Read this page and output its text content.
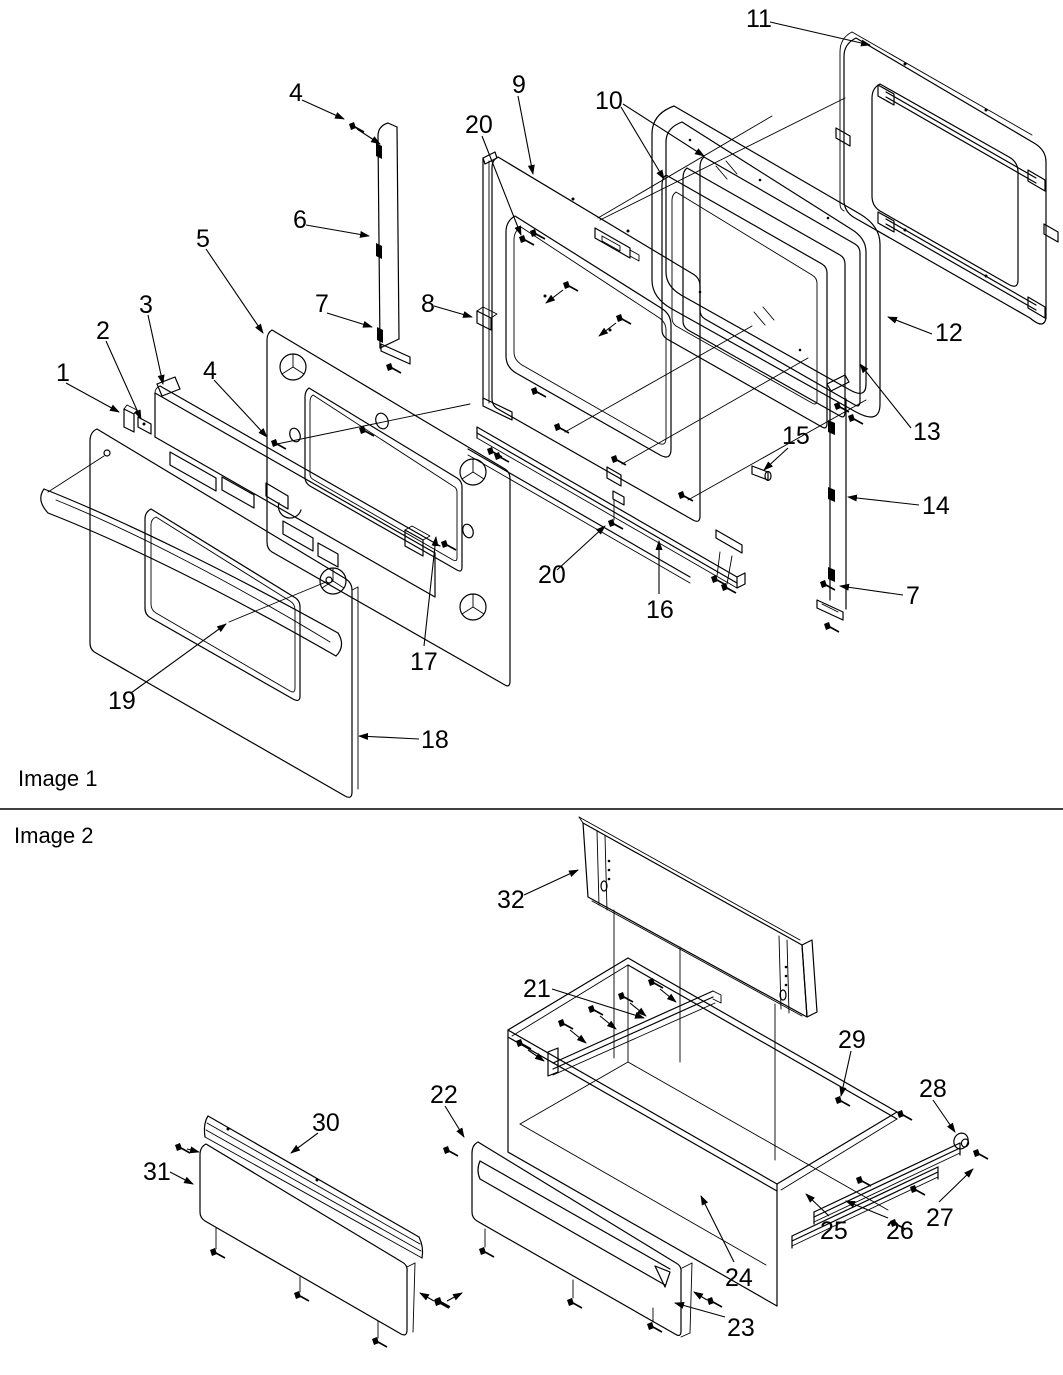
Image 1
Image 2
4	9
20
10
11
6
5
12
7	8
3
2
1	4
15	13
14
20
16	7
17
19
18
32
21
29
28
22
30
31
25 26 27
24
23
